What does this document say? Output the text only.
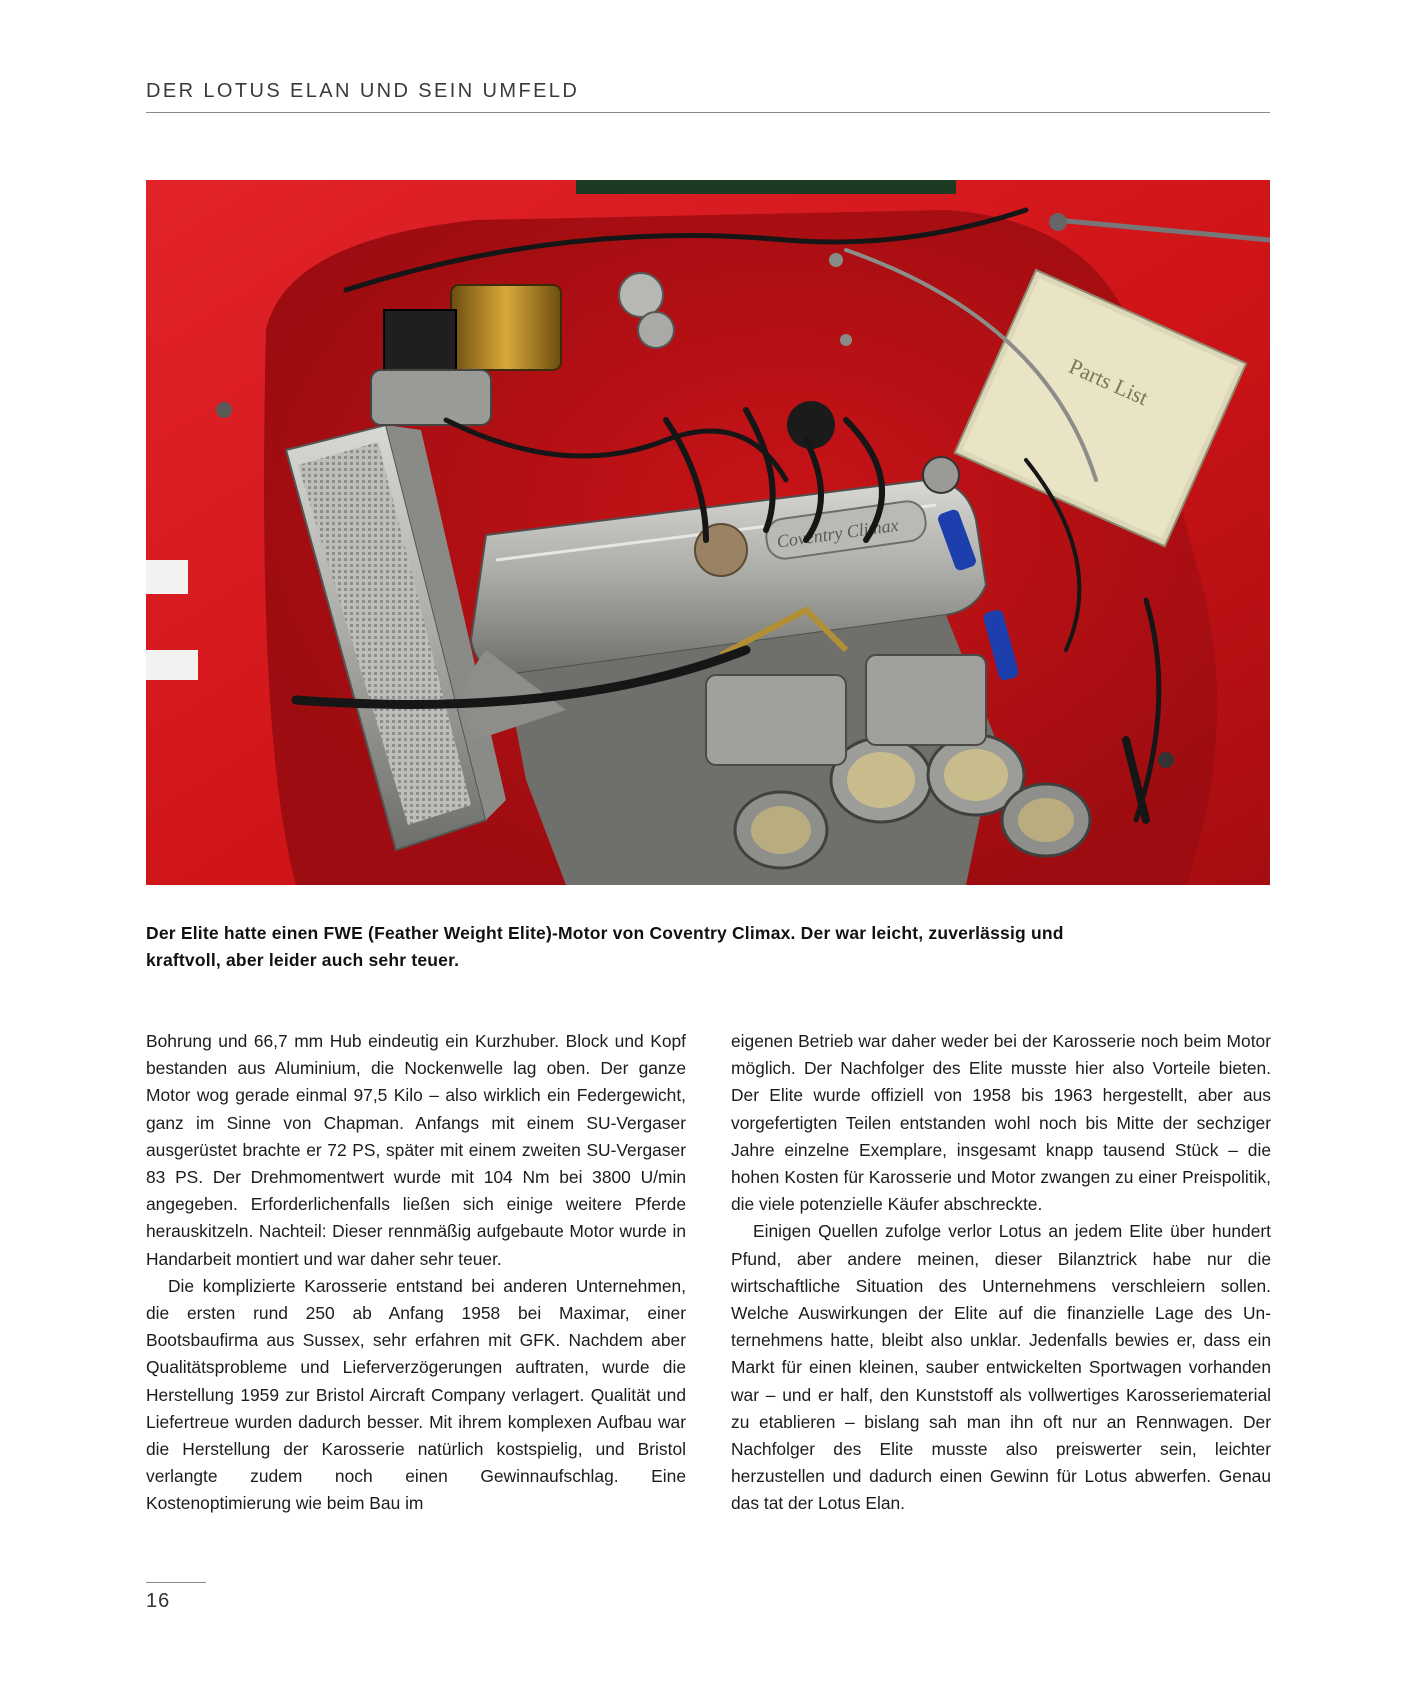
DER LOTUS ELAN UND SEIN UMFELD
Parts List
Coventry Climax
Der Elite hatte einen FWE (Feather Weight Elite)-Motor von Coventry Climax. Der war leicht, zuverlässig und
kraftvoll, aber leider auch sehr teuer.

Bohrung und 66,7 mm Hub eindeutig ein Kurzhuber. Block und Kopf bestanden aus Aluminium, die Nockenwelle lag oben. Der ganze Motor wog gerade einmal 97,5 Kilo – also wirklich ein Federgewicht, ganz im Sinne von Chapman. Anfangs mit einem SU-Vergaser ausgerüstet brachte er 72 PS, später mit einem zweiten SU-Vergaser 83 PS. Der Drehmomentwert wurde mit 104 Nm bei 3800 U/min angegeben. Erforderlichenfalls ließen sich einige weitere Pferde herauskitzeln. Nachteil: Dieser rennmäßig aufgebaute Motor wurde in Handarbeit montiert und war daher sehr teuer.

Die komplizierte Karosserie entstand bei anderen Unternehmen, die ersten rund 250 ab Anfang 1958 bei Maximar, einer Bootsbaufirma aus Sussex, sehr erfahren mit GFK. Nachdem aber Qualitätsprobleme und Lieferverzögerungen auftraten, wurde die Herstellung 1959 zur Bristol Aircraft Company verlagert. Qualität und Liefertreue wurden dadurch besser. Mit ihrem komplexen Aufbau war die Herstellung der Karosserie natürlich kostspielig, und Bristol verlangte zudem noch einen Gewinnaufschlag. Eine Kostenoptimierung wie beim Bau im

eigenen Betrieb war daher weder bei der Karosserie noch beim Motor möglich. Der Nachfolger des Elite musste hier also Vorteile bieten. Der Elite wurde offiziell von 1958 bis 1963 hergestellt, aber aus vorgefertigten Teilen entstanden wohl noch bis Mitte der sechziger Jahre einzelne Exemplare, insgesamt knapp tausend Stück – die hohen Kosten für Karosserie und Motor zwangen zu einer Preispolitik, die viele potenzielle Käufer abschreckte.

Einigen Quellen zufolge verlor Lotus an jedem Elite über hundert Pfund, aber andere meinen, dieser Bilanztrick habe nur die wirtschaftliche Situation des Unternehmens verschleiern sollen. Welche Auswirkungen der Elite auf die finanzielle Lage des Unternehmens hatte, bleibt also unklar. Jedenfalls bewies er, dass ein Markt für einen kleinen, sauber entwickelten Sportwagen vorhanden war – und er half, den Kunststoff als vollwertiges Karosseriematerial zu etablieren – bislang sah man ihn oft nur an Rennwagen. Der Nachfolger des Elite musste also preiswerter sein, leichter herzustellen und dadurch einen Gewinn für Lotus abwerfen. Genau das tat der Lotus Elan.

16
